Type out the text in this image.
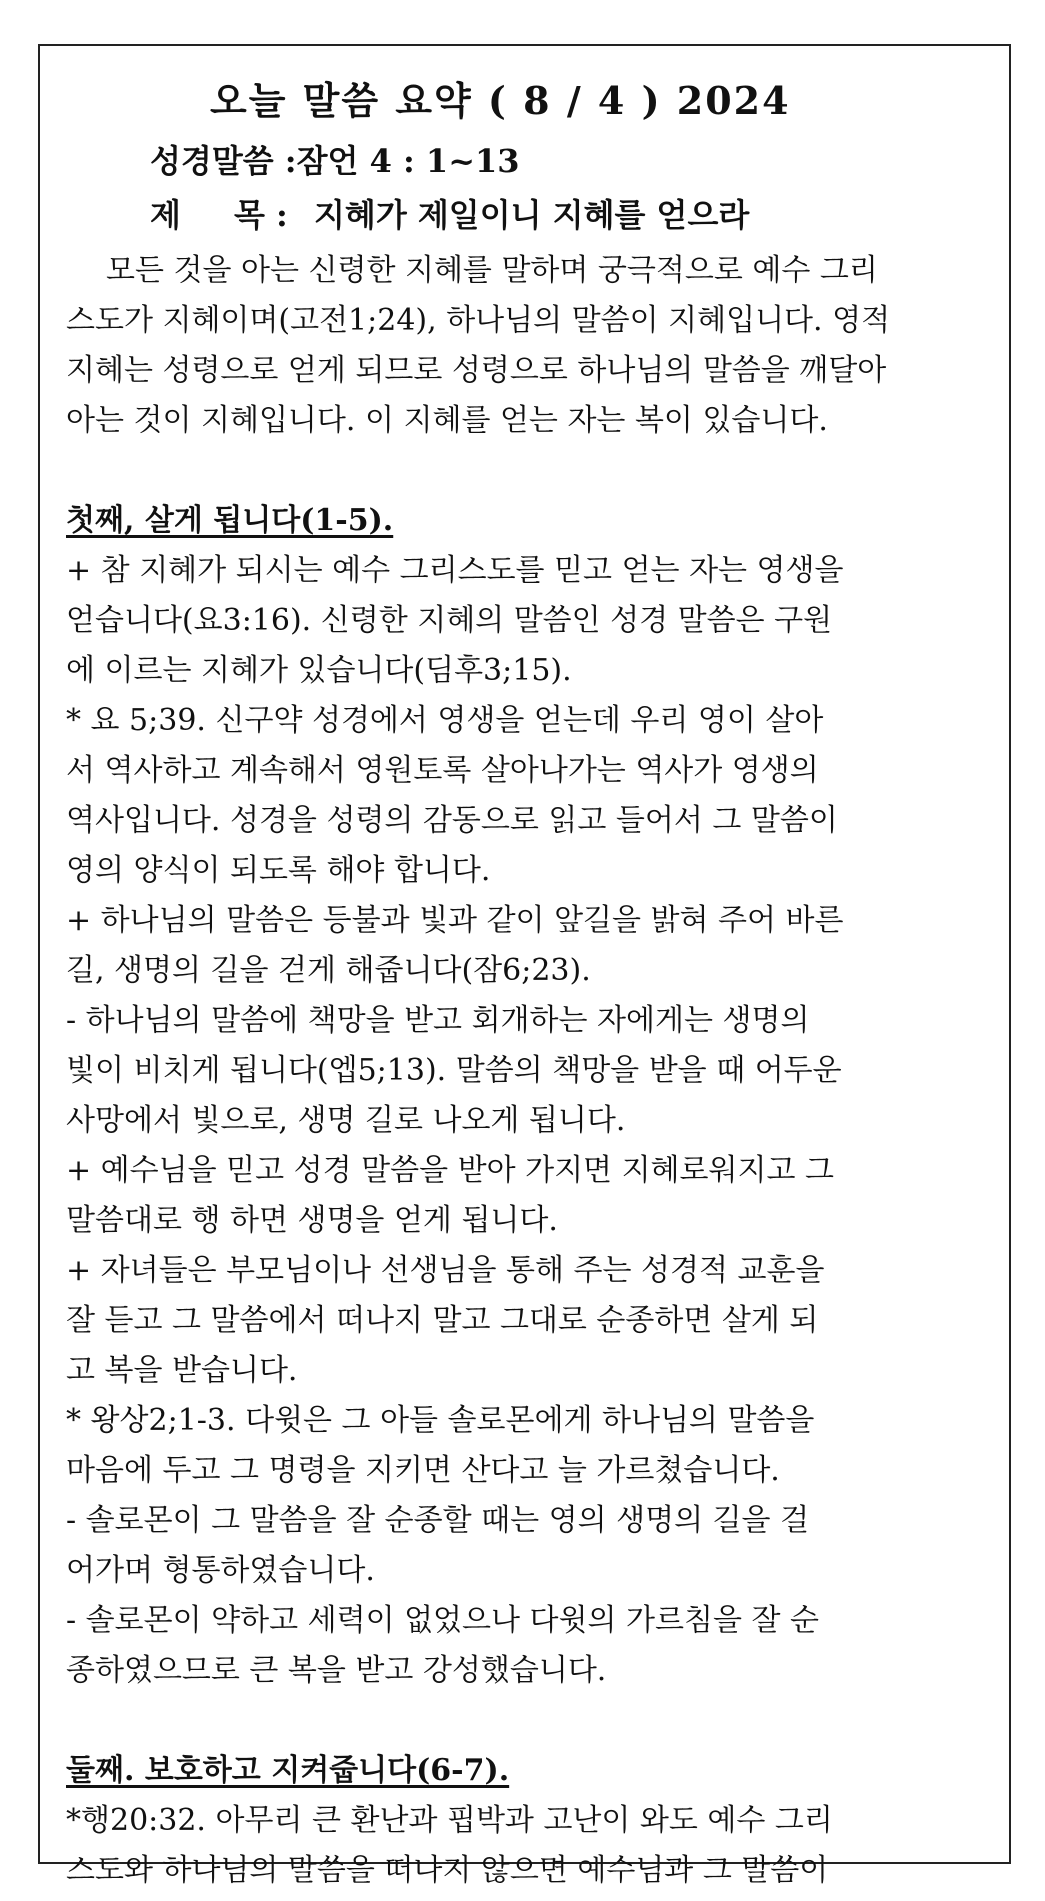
오늘 말씀 요약 ( 8 / 4 ) 2024
성경말씀 :잠언 4 : 1~13
제 목 :지혜가 제일이니 지혜를 얻으라
모든 것을 아는 신령한 지혜를 말하며 궁극적으로 예수 그리
스도가 지혜이며(고전1;24), 하나님의 말씀이 지혜입니다. 영적
지혜는 성령으로 얻게 되므로 성령으로 하나님의 말씀을 깨달아
아는 것이 지혜입니다. 이 지혜를 얻는 자는 복이 있습니다.
첫째, 살게 됩니다(1-5).
+ 참 지혜가 되시는 예수 그리스도를 믿고 얻는 자는 영생을
얻습니다(요3:16). 신령한 지혜의 말씀인 성경 말씀은 구원
에 이르는 지혜가 있습니다(딤후3;15).
* 요 5;39. 신구약 성경에서 영생을 얻는데 우리 영이 살아
서 역사하고 계속해서 영원토록 살아나가는 역사가 영생의
역사입니다. 성경을 성령의 감동으로 읽고 들어서 그 말씀이
영의 양식이 되도록 해야 합니다.
+ 하나님의 말씀은 등불과 빛과 같이 앞길을 밝혀 주어 바른
길, 생명의 길을 걷게 해줍니다(잠6;23).
- 하나님의 말씀에 책망을 받고 회개하는 자에게는 생명의
빛이 비치게 됩니다(엡5;13). 말씀의 책망을 받을 때 어두운
사망에서 빛으로, 생명 길로 나오게 됩니다.
+ 예수님을 믿고 성경 말씀을 받아 가지면 지혜로워지고 그
말씀대로 행 하면 생명을 얻게 됩니다.
+ 자녀들은 부모님이나 선생님을 통해 주는 성경적 교훈을
잘 듣고 그 말씀에서 떠나지 말고 그대로 순종하면 살게 되
고 복을 받습니다.
* 왕상2;1-3. 다윗은 그 아들 솔로몬에게 하나님의 말씀을
마음에 두고 그 명령을 지키면 산다고 늘 가르쳤습니다.
- 솔로몬이 그 말씀을 잘 순종할 때는 영의 생명의 길을 걸
어가며 형통하였습니다.
- 솔로몬이 약하고 세력이 없었으나 다윗의 가르침을 잘 순
종하였으므로 큰 복을 받고 강성했습니다.
둘째. 보호하고 지켜줍니다(6-7).
*행20:32. 아무리 큰 환난과 핍박과 고난이 와도 예수 그리
스도와 하나님의 말씀을 떠나지 않으면 예수님과 그 말씀이
